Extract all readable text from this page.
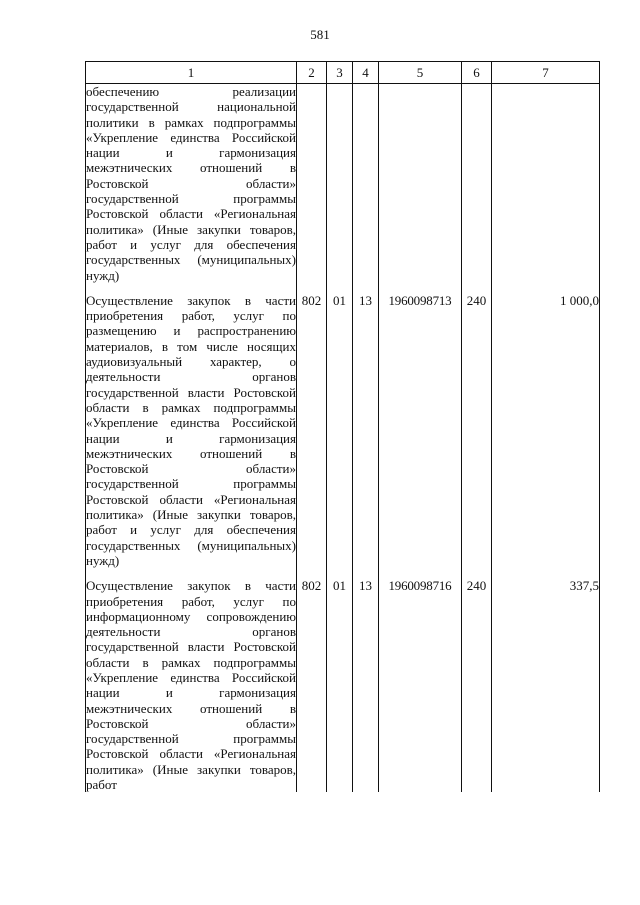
581
1	2	3	4	5	6	7

обеспечению реализации государственной национальной политики в рамках подпрограммы «Укрепление единства Российской нации и гармонизация межэтнических отношений в Ростовской области» государственной программы Ростовской области «Региональная политика» (Иные закупки товаров, работ и услуг для обеспечения государственных (муниципальных) нужд)						

Осуществление закупок в части приобретения работ, услуг по размещению и распространению материалов, в том числе носящих аудиовизуальный характер, о деятельности органов государственной власти Ростовской области в рамках подпрограммы «Укрепление единства Российской нации и гармонизация межэтнических отношений в Ростовской области» государственной программы Ростовской области «Региональная политика» (Иные закупки товаров, работ и услуг для обеспечения государственных (муниципальных) нужд)	802	01	13	1960098713	240	1 000,0

Осуществление закупок в части приобретения работ, услуг по информационному сопровождению деятельности органов государственной власти Ростовской области в рамках подпрограммы «Укрепление единства Российской нации и гармонизация межэтнических отношений в Ростовской области» государственной программы Ростовской области «Региональная политика» (Иные закупки товаров, работ	802	01	13	1960098716	240	337,5
